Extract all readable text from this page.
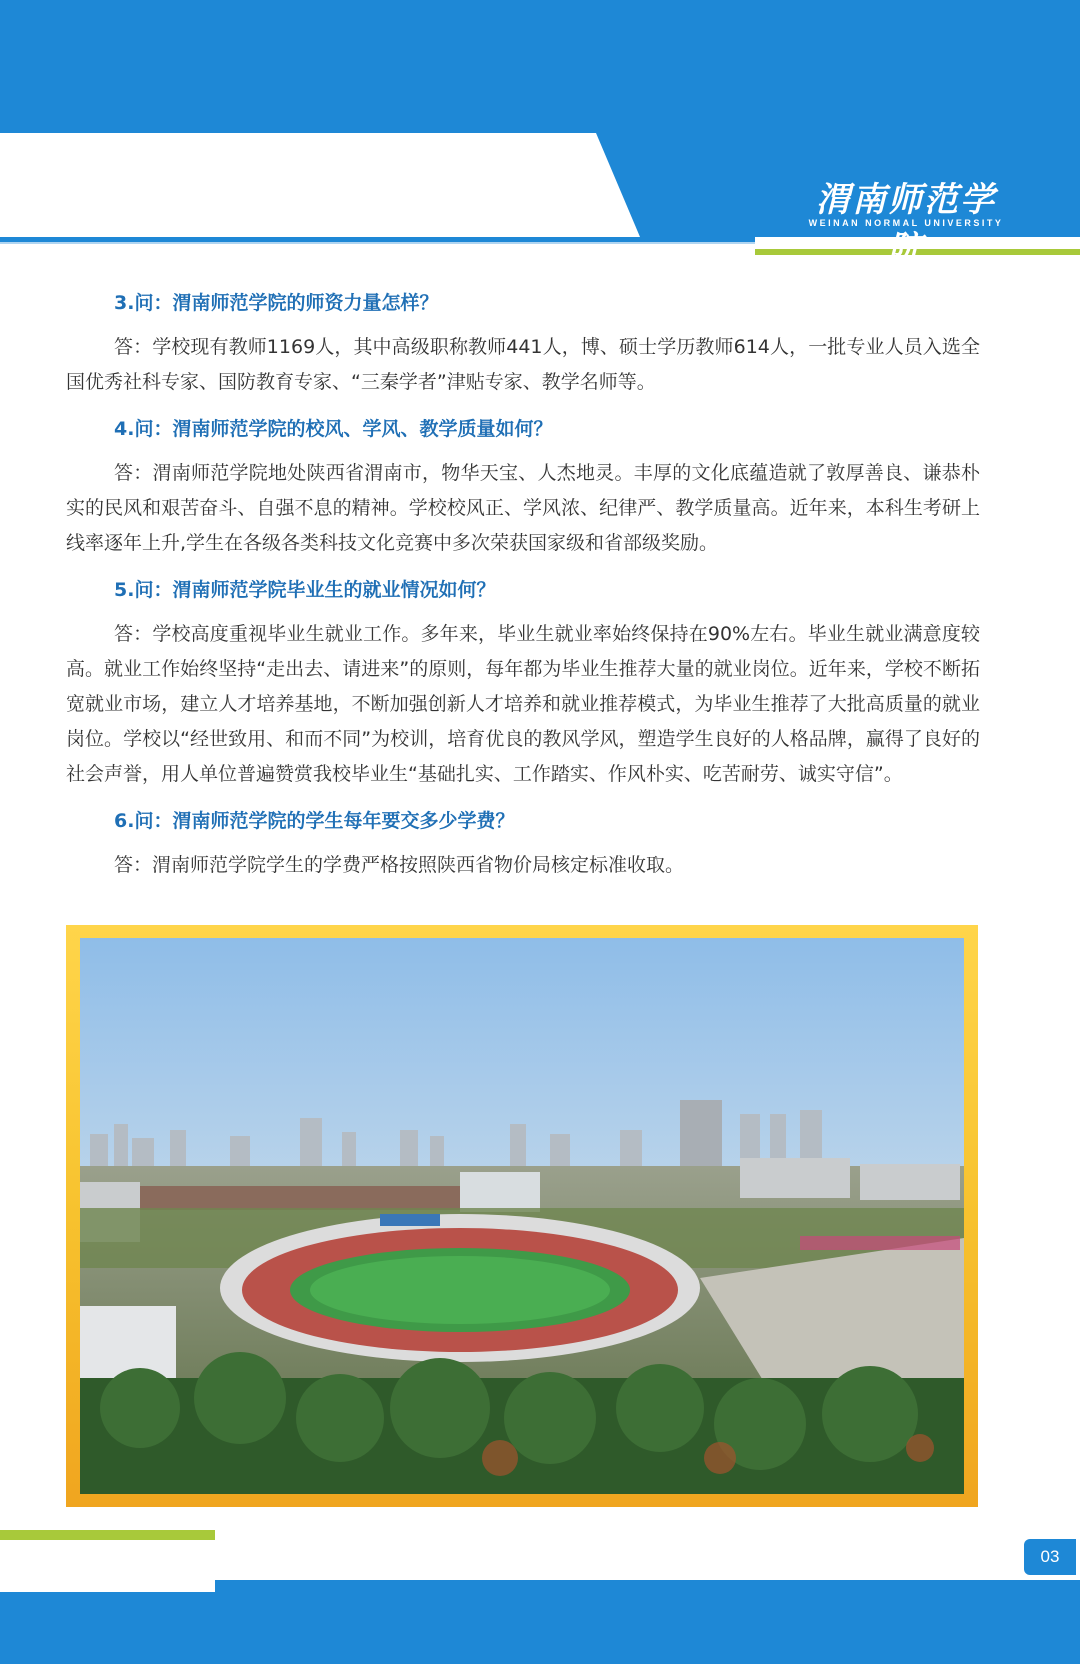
渭南师范学院
WEINAN NORMAL UNIVERSITY
3.问：渭南师范学院的师资力量怎样？
答：学校现有教师1169人，其中高级职称教师441人，博、硕士学历教师614人，一批专业人员入选全国优秀社科专家、国防教育专家、“三秦学者”津贴专家、教学名师等。
4.问：渭南师范学院的校风、学风、教学质量如何？
答：渭南师范学院地处陕西省渭南市，物华天宝、人杰地灵。丰厚的文化底蕴造就了敦厚善良、谦恭朴实的民风和艰苦奋斗、自强不息的精神。学校校风正、学风浓、纪律严、教学质量高。近年来，本科生考研上线率逐年上升,学生在各级各类科技文化竞赛中多次荣获国家级和省部级奖励。
5.问：渭南师范学院毕业生的就业情况如何？
答：学校高度重视毕业生就业工作。多年来，毕业生就业率始终保持在90%左右。毕业生就业满意度较高。就业工作始终坚持“走出去、请进来”的原则，每年都为毕业生推荐大量的就业岗位。近年来，学校不断拓宽就业市场，建立人才培养基地，不断加强创新人才培养和就业推荐模式，为毕业生推荐了大批高质量的就业岗位。学校以“经世致用、和而不同”为校训，培育优良的教风学风，塑造学生良好的人格品牌，赢得了良好的社会声誉，用人单位普遍赞赏我校毕业生“基础扎实、工作踏实、作风朴实、吃苦耐劳、诚实守信”。
6.问：渭南师范学院的学生每年要交多少学费？
答：渭南师范学院学生的学费严格按照陕西省物价局核定标准收取。
03
